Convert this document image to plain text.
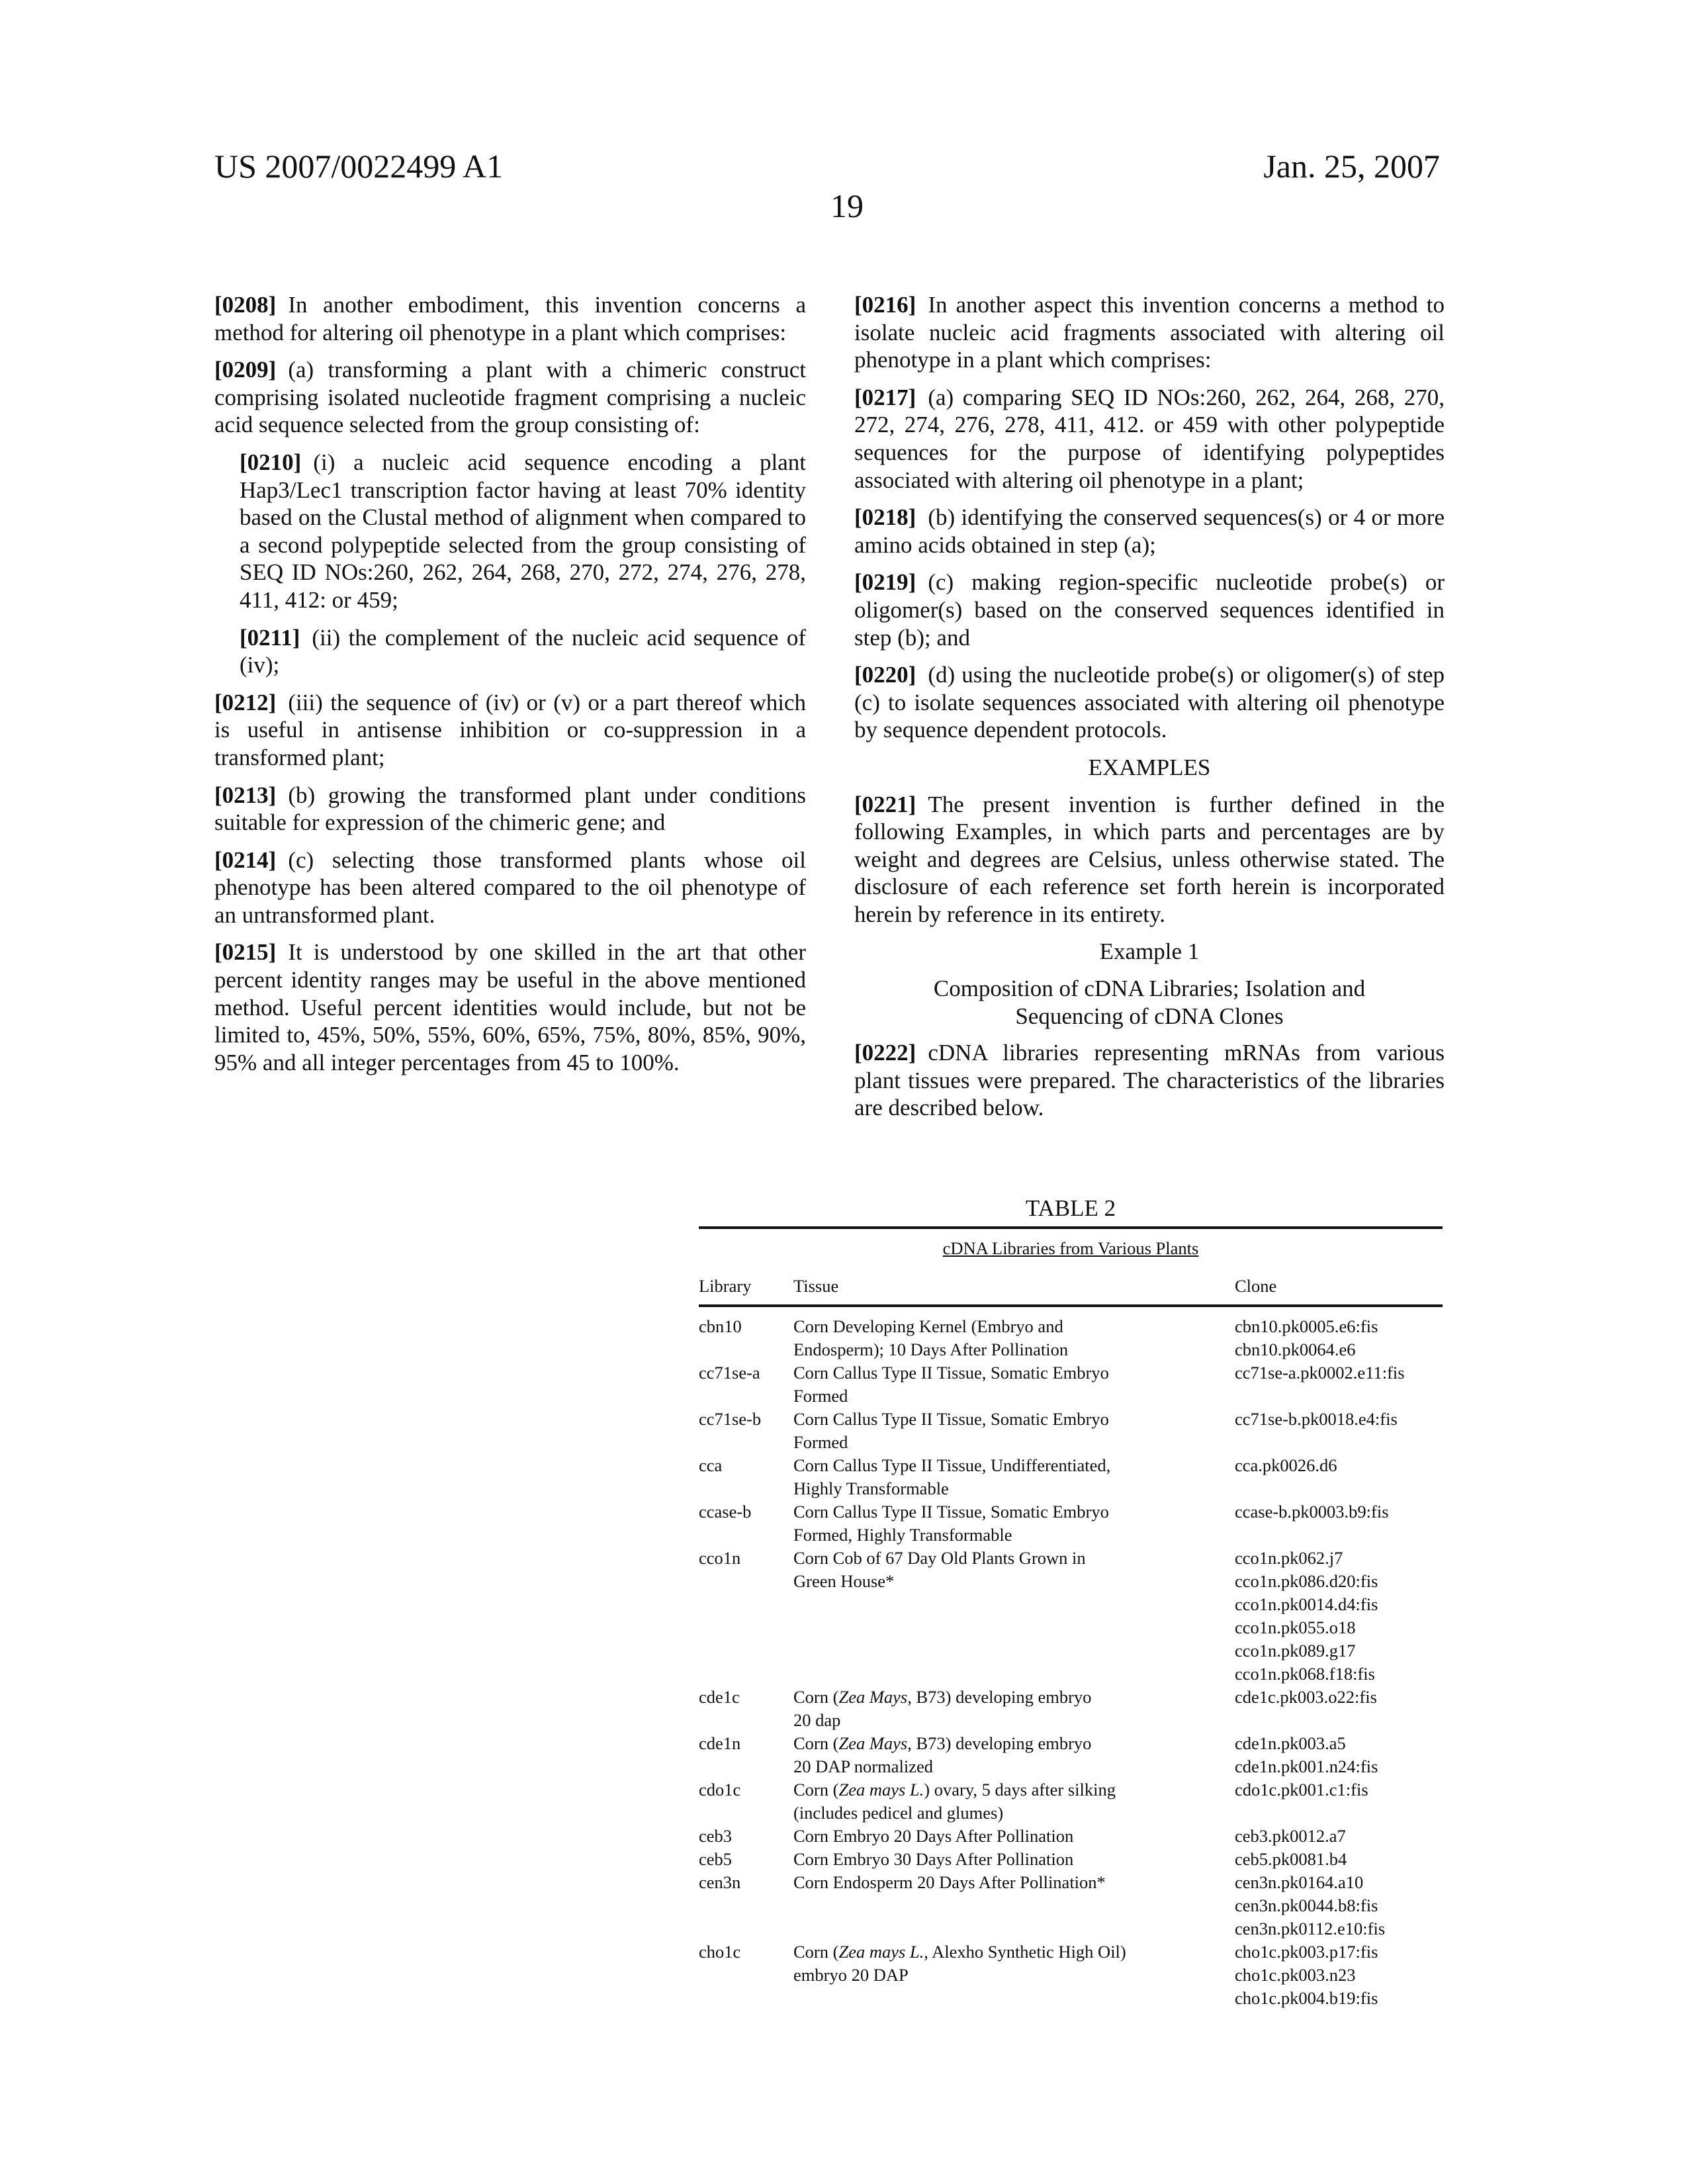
US 2007/0022499 A1	Jan. 25, 2007
19
[0208] In another embodiment, this invention concerns a method for altering oil phenotype in a plant which comprises:
[0209] (a) transforming a plant with a chimeric construct comprising isolated nucleotide fragment comprising a nucleic acid sequence selected from the group consisting of:
[0210] (i) a nucleic acid sequence encoding a plant Hap3/Lec1 transcription factor having at least 70% identity based on the Clustal method of alignment when compared to a second polypeptide selected from the group consisting of SEQ ID NOs:260, 262, 264, 268, 270, 272, 274, 276, 278, 411, 412: or 459;
[0211] (ii) the complement of the nucleic acid sequence of (iv);
[0212] (iii) the sequence of (iv) or (v) or a part thereof which is useful in antisense inhibition or co-suppression in a transformed plant;
[0213] (b) growing the transformed plant under conditions suitable for expression of the chimeric gene; and
[0214] (c) selecting those transformed plants whose oil phenotype has been altered compared to the oil phenotype of an untransformed plant.
[0215] It is understood by one skilled in the art that other percent identity ranges may be useful in the above mentioned method. Useful percent identities would include, but not be limited to, 45%, 50%, 55%, 60%, 65%, 75%, 80%, 85%, 90%, 95% and all integer percentages from 45 to 100%.
[0216] In another aspect this invention concerns a method to isolate nucleic acid fragments associated with altering oil phenotype in a plant which comprises:
[0217] (a) comparing SEQ ID NOs:260, 262, 264, 268, 270, 272, 274, 276, 278, 411, 412. or 459 with other polypeptide sequences for the purpose of identifying polypeptides associated with altering oil phenotype in a plant;
[0218] (b) identifying the conserved sequences(s) or 4 or more amino acids obtained in step (a);
[0219] (c) making region-specific nucleotide probe(s) or oligomer(s) based on the conserved sequences identified in step (b); and
[0220] (d) using the nucleotide probe(s) or oligomer(s) of step (c) to isolate sequences associated with altering oil phenotype by sequence dependent protocols.
EXAMPLES
[0221] The present invention is further defined in the following Examples, in which parts and percentages are by weight and degrees are Celsius, unless otherwise stated. The disclosure of each reference set forth herein is incorporated herein by reference in its entirety.
Example 1
Composition of cDNA Libraries; Isolation and
Sequencing of cDNA Clones
[0222] cDNA libraries representing mRNAs from various plant tissues were prepared. The characteristics of the libraries are described below.
TABLE 2
cDNA Libraries from Various Plants
Library	Tissue	Clone
cbn10	Corn Developing Kernel (Embryo and
Endosperm); 10 Days After Pollination
cbn10.pk0005.e6:fis
cbn10.pk0064.e6
cc71se-a	Corn Callus Type II Tissue, Somatic Embryo
Formed
cc71se-a.pk0002.e11:fis
cc71se-b	Corn Callus Type II Tissue, Somatic Embryo
Formed
cc71se-b.pk0018.e4:fis
cca	Corn Callus Type II Tissue, Undifferentiated,
Highly Transformable
cca.pk0026.d6
ccase-b	Corn Callus Type II Tissue, Somatic Embryo
Formed, Highly Transformable
ccase-b.pk0003.b9:fis
cco1n	Corn Cob of 67 Day Old Plants Grown in
Green House*
cco1n.pk062.j7
cco1n.pk086.d20:fis
cco1n.pk0014.d4:fis
cco1n.pk055.o18
cco1n.pk089.g17
cco1n.pk068.f18:fis
cde1c	Corn (Zea Mays, B73) developing embryo
20 dap
cde1c.pk003.o22:fis
cde1n	Corn (Zea Mays, B73) developing embryo
20 DAP normalized
cde1n.pk003.a5
cde1n.pk001.n24:fis
cdo1c	Corn (Zea mays L.) ovary, 5 days after silking
(includes pedicel and glumes)
cdo1c.pk001.c1:fis
ceb3	Corn Embryo 20 Days After Pollination	ceb3.pk0012.a7
ceb5	Corn Embryo 30 Days After Pollination	ceb5.pk0081.b4
cen3n	Corn Endosperm 20 Days After Pollination*	cen3n.pk0164.a10
cen3n.pk0044.b8:fis
cen3n.pk0112.e10:fis
cho1c	Corn (Zea mays L., Alexho Synthetic High Oil)
embryo 20 DAP
cho1c.pk003.p17:fis
cho1c.pk003.n23
cho1c.pk004.b19:fis
